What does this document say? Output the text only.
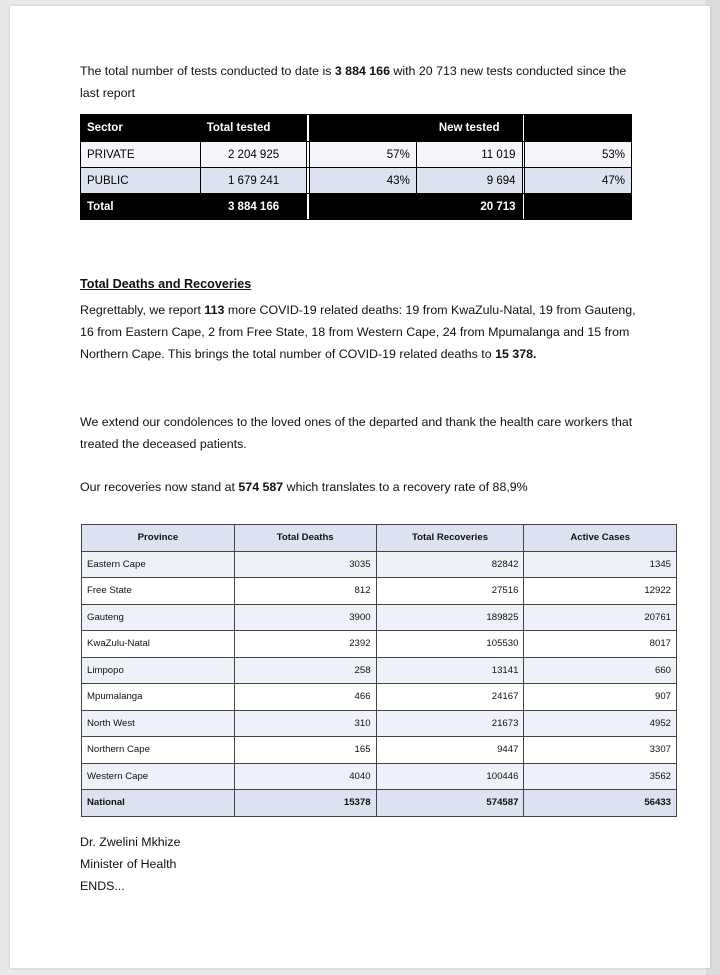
The total number of tests conducted to date is 3 884 166 with 20 713 new tests conducted since the last report

Sector	Total tested			New tested		
PRIVATE	2 204 925		57%	11 019		53%
PUBLIC	1 679 241		43%	9 694		47%
Total	3 884 166			20 713		
Total Deaths and Recoveries

Regrettably, we report 113 more COVID-19 related deaths: 19 from KwaZulu-Natal, 19 from Gauteng, 16 from Eastern Cape, 2 from Free State, 18 from Western Cape, 24 from Mpumalanga and 15 from Northern Cape. This brings the total number of COVID-19 related deaths to 15 378.

We extend our condolences to the loved ones of the departed and thank the health care workers that treated the deceased patients.

Our recoveries now stand at 574 587 which translates to a recovery rate of 88,9%

Province	Total Deaths	Total Recoveries	Active Cases
Eastern Cape	3035	82842	1345
Free State	812	27516	12922
Gauteng	3900	189825	20761
KwaZulu-Natal	2392	105530	8017
Limpopo	258	13141	660
Mpumalanga	466	24167	907
North West	310	21673	4952
Northern Cape	165	9447	3307
Western Cape	4040	100446	3562
National	15378	574587	56433
Dr. Zwelini Mkhize
Minister of Health
ENDS...
